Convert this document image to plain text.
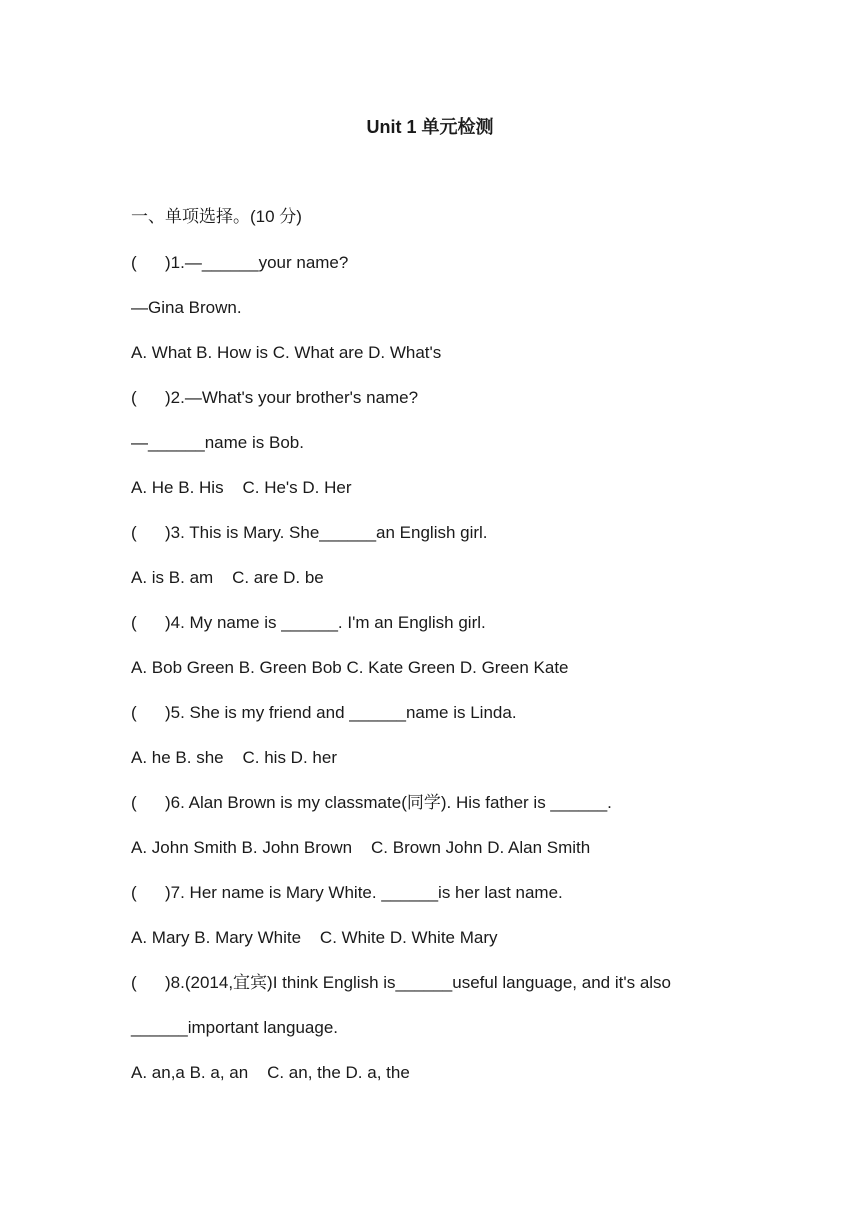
Unit 1 单元检测
一、单项选择。(10 分)
(      )1.—______your name?
—Gina Brown.
A. What B. How is C. What are D. What's
(      )2.—What's your brother's name?
—______name is Bob.
A. He B. His    C. He's D. Her
(      )3. This is Mary. She______an English girl.
A. is B. am    C. are D. be
(      )4. My name is ______. I'm an English girl.
A. Bob Green B. Green Bob C. Kate Green D. Green Kate
(      )5. She is my friend and ______name is Linda.
A. he B. she    C. his D. her
(      )6. Alan Brown is my classmate(同学). His father is ______.
A. John Smith B. John Brown    C. Brown John D. Alan Smith
(      )7. Her name is Mary White. ______is her last name.
A. Mary B. Mary White    C. White D. White Mary
(      )8.(2014,宜宾)I think English is______useful language, and it's also
______important language.
A. an,a B. a, an    C. an, the D. a, the
